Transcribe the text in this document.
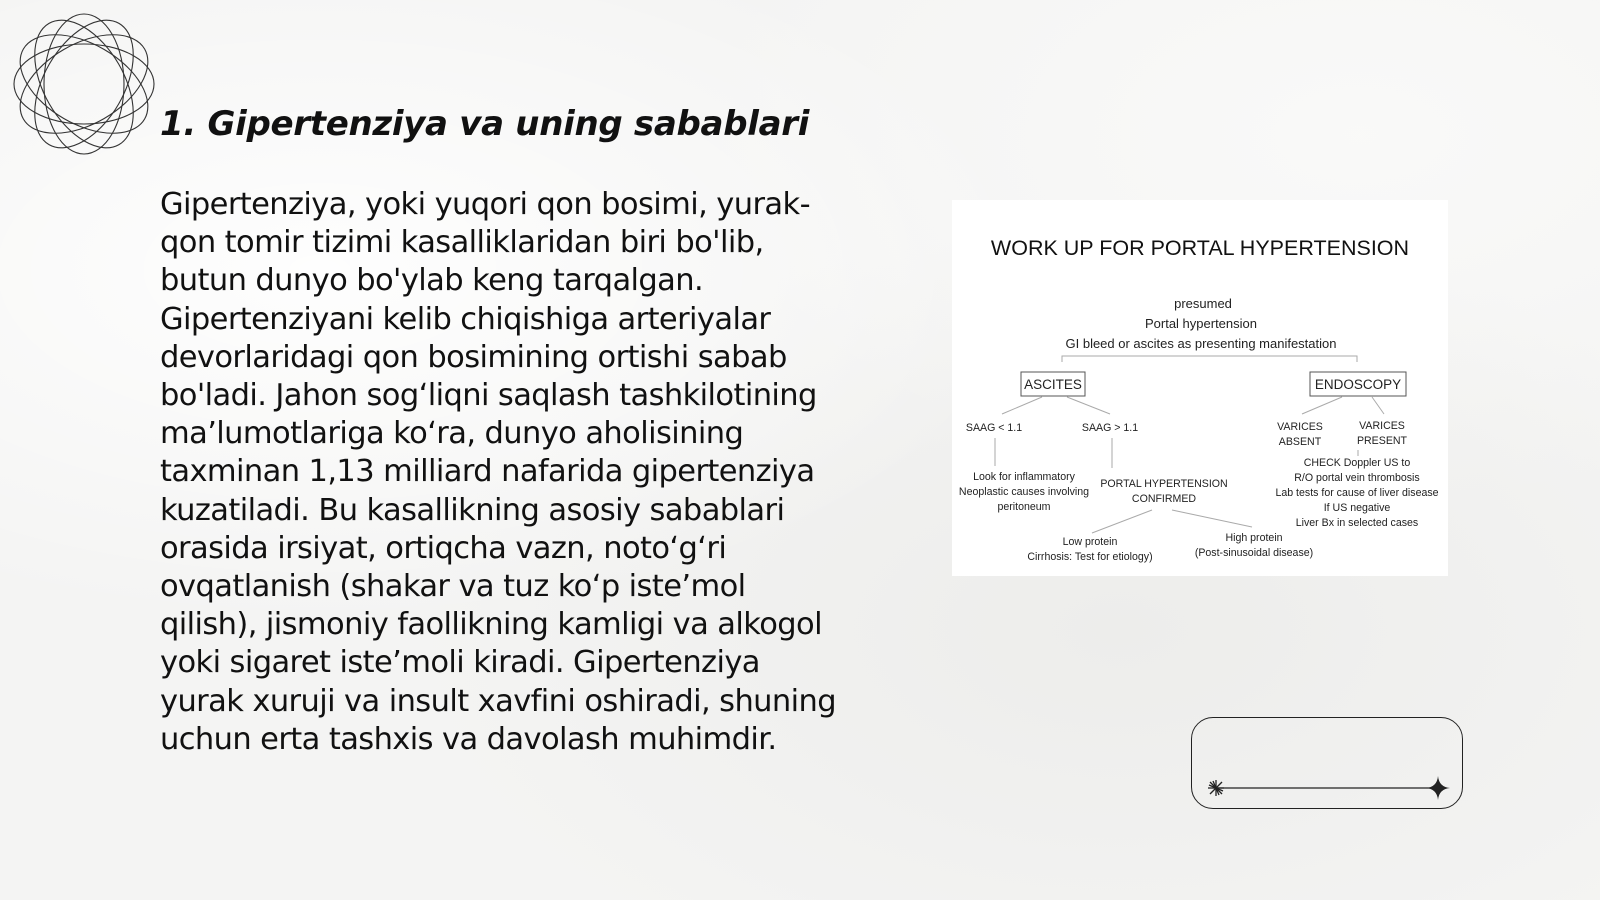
1. Gipertenziya va uning sabablari

Gipertenziya, yoki yuqori qon bosimi, yurak-qon tomir tizimi kasalliklaridan biri bo'lib, butun dunyo bo'ylab keng tarqalgan. Gipertenziyani kelib chiqishiga arteriyalar devorlaridagi qon bosimining ortishi sabab bo'ladi. Jahon sog‘liqni saqlash tashkilotining ma’lumotlariga ko‘ra, dunyo aholisining taxminan 1,13 milliard nafarida gipertenziya kuzatiladi. Bu kasallikning asosiy sabablari orasida irsiyat, ortiqcha vazn, noto‘g‘ri ovqatlanish (shakar va tuz ko‘p iste’mol qilish), jismoniy faollikning kamligi va alkogol yoki sigaret iste’moli kiradi. Gipertenziya yurak xuruji va insult xavfini oshiradi, shuning uchun erta tashxis va davolash muhimdir.

WORK UP FOR PORTAL HYPERTENSION
presumed
Portal hypertension
GI bleed or ascites as presenting manifestation
ASCITES	ENDOSCOPY
SAAG < 1.1	SAAG > 1.1	VARICES
ABSENT
VARICES
PRESENT
Look for inflammatory
Neoplastic causes involving
peritoneum
PORTAL HYPERTENSION
CONFIRMED
Low protein
Cirrhosis: Test for etiology)
High protein
(Post-sinusoidal disease)
CHECK Doppler US to
R/O portal vein thrombosis
Lab tests for cause of liver disease
If US negative
Liver Bx in selected cases
